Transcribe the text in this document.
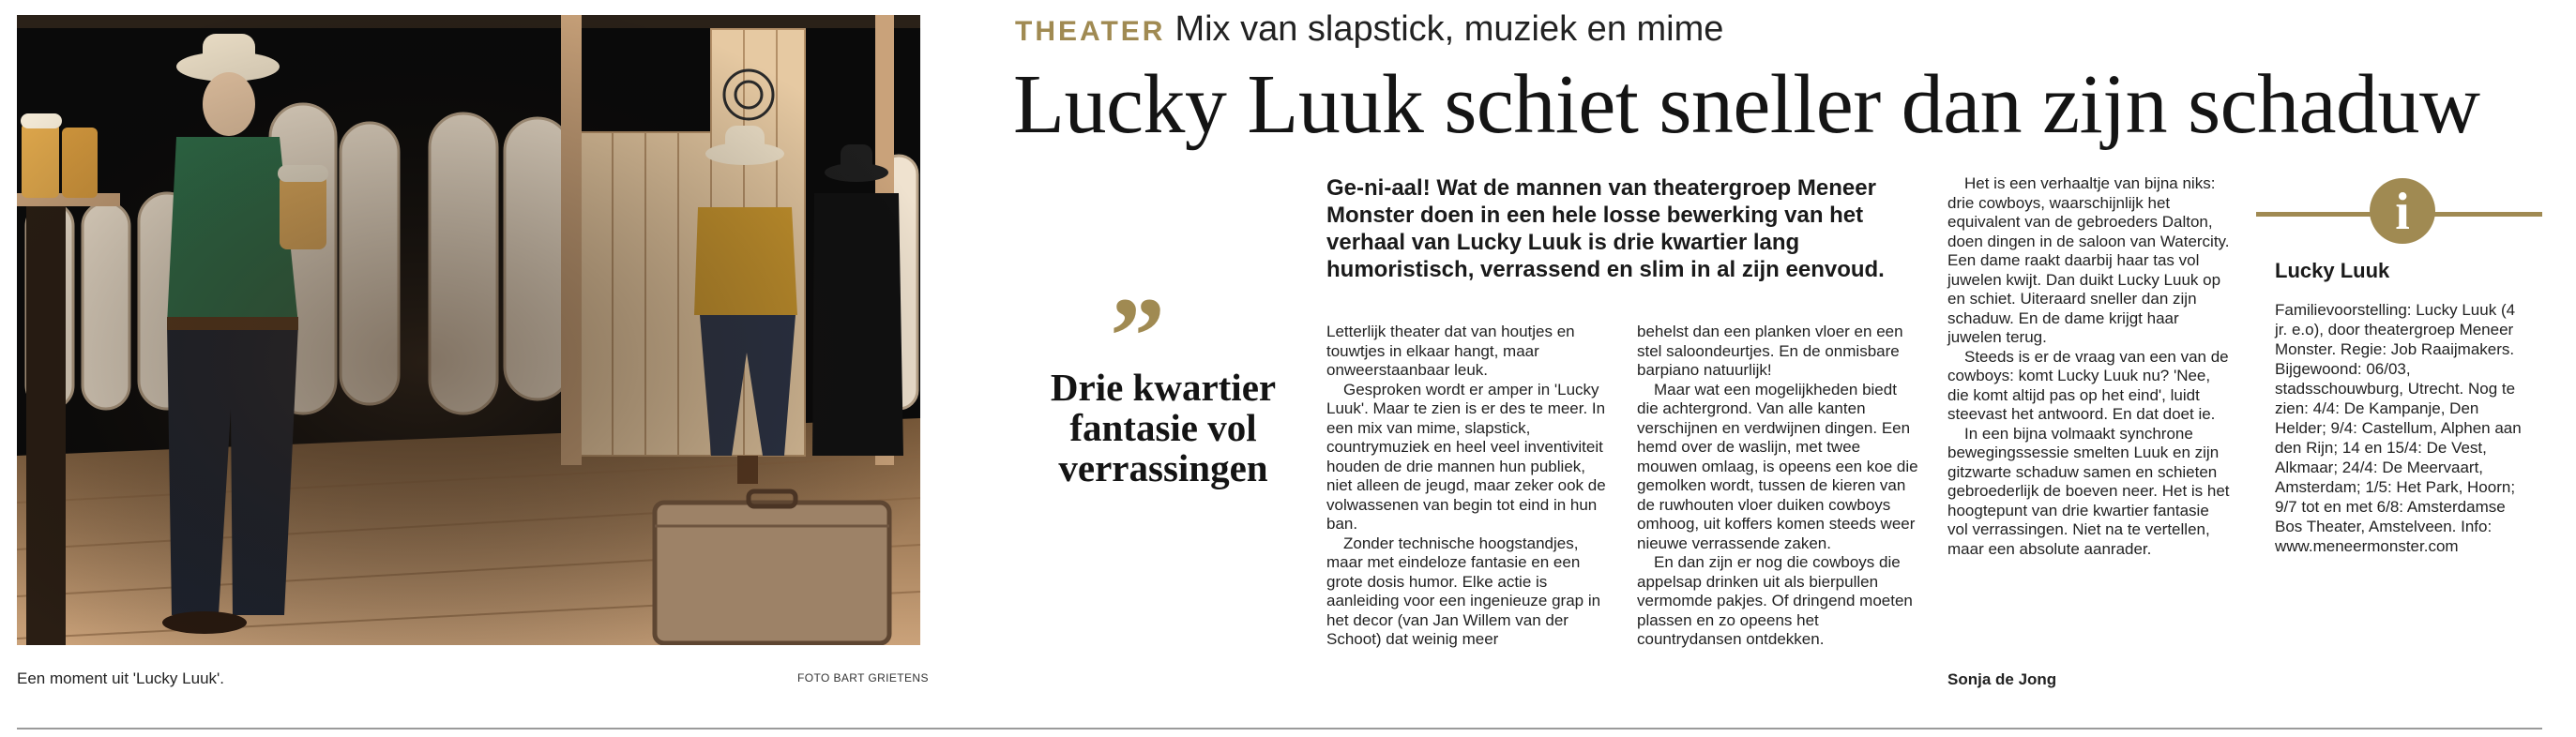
Een moment uit 'Lucky Luuk'.	FOTO BART GRIETENS
THEATER Mix van slapstick, muziek en mime
Lucky Luuk schiet sneller dan zijn schaduw
”
Drie kwartier fantasie vol verrassingen
Ge-ni-aal! Wat de mannen van theatergroep Meneer Monster doen in een hele losse bewerking van het verhaal van Lucky Luuk is drie kwartier lang humoristisch, verrassend en slim in al zijn eenvoud.

Letterlijk theater dat van houtjes en touwtjes in elkaar hangt, maar onweerstaanbaar leuk.

Gesproken wordt er amper in 'Lucky Luuk'. Maar te zien is er des te meer. In een mix van mime, slapstick, countrymuziek en heel veel inventiviteit houden de drie mannen hun publiek, niet alleen de jeugd, maar zeker ook de volwassenen van begin tot eind in hun ban.

Zonder technische hoogstandjes, maar met eindeloze fantasie en een grote dosis humor. Elke actie is aanleiding voor een ingenieuze grap in het decor (van Jan Willem van der Schoot) dat weinig meer

behelst dan een planken vloer en een stel saloondeurtjes. En de onmisbare barpiano natuurlijk!

Maar wat een mogelijkheden biedt die achtergrond. Van alle kanten verschijnen en verdwijnen dingen. Een hemd over de waslijn, met twee mouwen omlaag, is opeens een koe die gemolken wordt, tussen de kieren van de ruwhouten vloer duiken cowboys omhoog, uit koffers komen steeds weer nieuwe verrassende zaken.

En dan zijn er nog die cowboys die appelsap drinken uit als bierpullen vermomde pakjes. Of dringend moeten plassen en zo opeens het countrydansen ontdekken.

Het is een verhaaltje van bijna niks: drie cowboys, waarschijnlijk het equivalent van de gebroeders Dalton, doen dingen in de saloon van Watercity. Een dame raakt daarbij haar tas vol juwelen kwijt. Dan duikt Lucky Luuk op en schiet. Uiteraard sneller dan zijn schaduw. En de dame krijgt haar juwelen terug.

Steeds is er de vraag van een van de cowboys: komt Lucky Luuk nu? 'Nee, die komt altijd pas op het eind', luidt steevast het antwoord. En dat doet ie.

In een bijna volmaakt synchrone bewegingssessie smelten Luuk en zijn gitzwarte schaduw samen en schieten gebroederlijk de boeven neer. Het is het hoogtepunt van drie kwartier fantasie vol verrassingen. Niet na te vertellen, maar een absolute aanrader.

Sonja de Jong
i
Lucky Luuk
Familievoorstelling: Lucky Luuk (4 jr. e.o), door theatergroep Meneer Monster. Regie: Job Raaijmakers. Bijgewoond: 06/03, stadsschouwburg, Utrecht. Nog te zien: 4/4: De Kampanje, Den Helder; 9/4: Castellum, Alphen aan den Rijn; 14 en 15/4: De Vest, Alkmaar; 24/4: De Meervaart, Amsterdam; 1/5: Het Park, Hoorn; 9/7 tot en met 6/8: Amsterdamse Bos Theater, Amstelveen. Info: www.meneermonster.com
